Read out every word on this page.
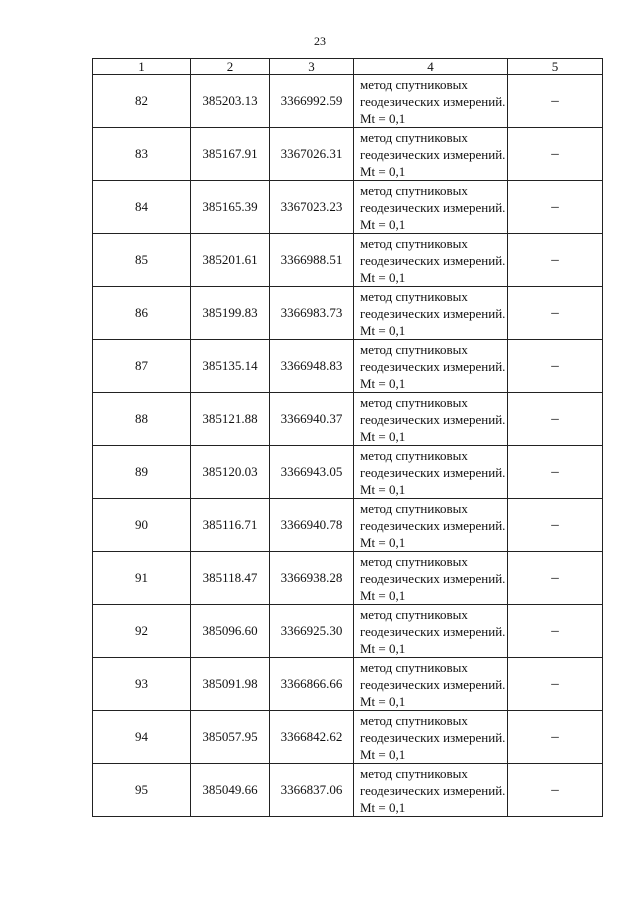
23
1	2	3	4	5
82	385203.13	3366992.59	метод спутниковых геодезических измерений. Mt = 0,1	–
83	385167.91	3367026.31	метод спутниковых геодезических измерений. Mt = 0,1	–
84	385165.39	3367023.23	метод спутниковых геодезических измерений. Mt = 0,1	–
85	385201.61	3366988.51	метод спутниковых геодезических измерений. Mt = 0,1	–
86	385199.83	3366983.73	метод спутниковых геодезических измерений. Mt = 0,1	–
87	385135.14	3366948.83	метод спутниковых геодезических измерений. Mt = 0,1	–
88	385121.88	3366940.37	метод спутниковых геодезических измерений. Mt = 0,1	–
89	385120.03	3366943.05	метод спутниковых геодезических измерений. Mt = 0,1	–
90	385116.71	3366940.78	метод спутниковых геодезических измерений. Mt = 0,1	–
91	385118.47	3366938.28	метод спутниковых геодезических измерений. Mt = 0,1	–
92	385096.60	3366925.30	метод спутниковых геодезических измерений. Mt = 0,1	–
93	385091.98	3366866.66	метод спутниковых геодезических измерений. Mt = 0,1	–
94	385057.95	3366842.62	метод спутниковых геодезических измерений. Mt = 0,1	–
95	385049.66	3366837.06	метод спутниковых геодезических измерений. Mt = 0,1	–
